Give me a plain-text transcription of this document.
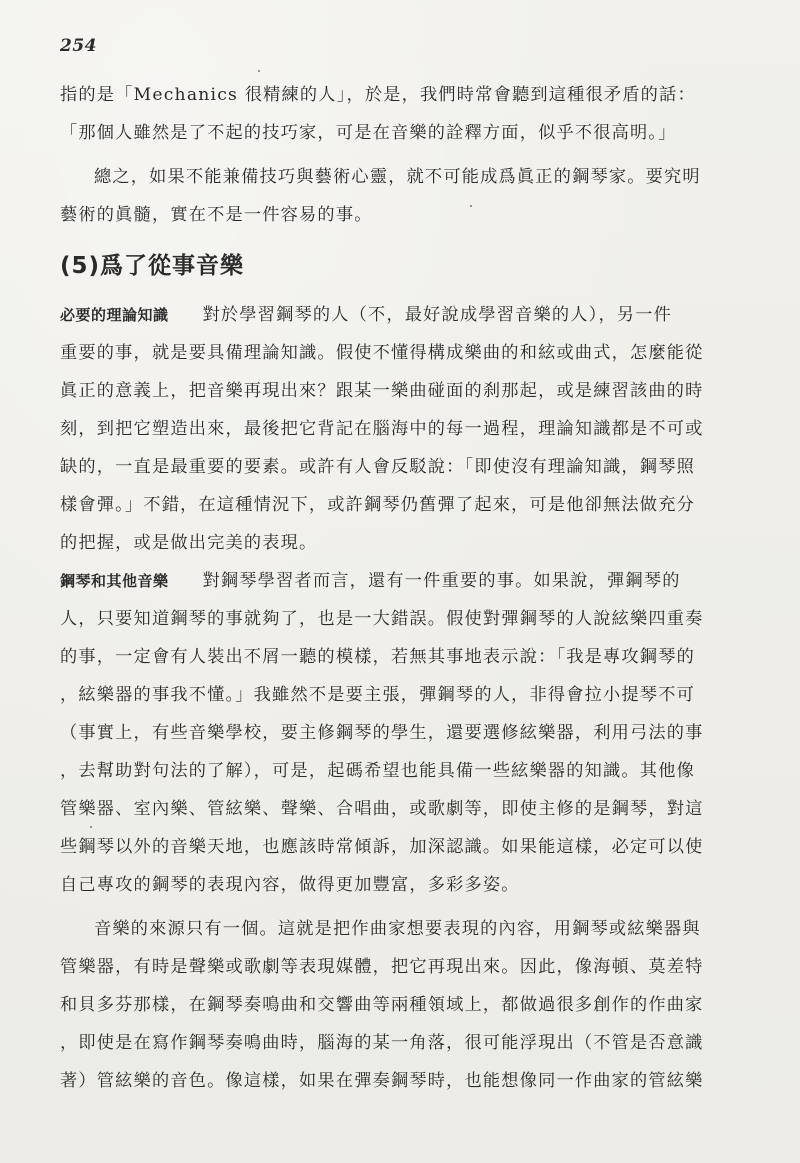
254
指的是「Mechanics 很精練的人」，於是，我們時常會聽到這種很矛盾的話：
「那個人雖然是了不起的技巧家，可是在音樂的詮釋方面，似乎不很高明。」
總之，如果不能兼備技巧與藝術心靈，就不可能成爲眞正的鋼琴家。要究明
藝術的眞髓，實在不是一件容易的事。
(5)爲了從事音樂
必要的理論知識 對於學習鋼琴的人（不，最好說成學習音樂的人），另一件
重要的事，就是要具備理論知識。假使不懂得構成樂曲的和絃或曲式，怎麼能從
眞正的意義上，把音樂再現出來？跟某一樂曲碰面的刹那起，或是練習該曲的時
刻，到把它塑造出來，最後把它背記在腦海中的每一過程，理論知識都是不可或
缺的，一直是最重要的要素。或許有人會反駁說：「即使沒有理論知識，鋼琴照
樣會彈。」不錯，在這種情況下，或許鋼琴仍舊彈了起來，可是他卻無法做充分
的把握，或是做出完美的表現。
鋼琴和其他音樂 對鋼琴學習者而言，還有一件重要的事。如果說，彈鋼琴的
人，只要知道鋼琴的事就夠了，也是一大錯誤。假使對彈鋼琴的人說絃樂四重奏
的事，一定會有人裝出不屑一聽的模樣，若無其事地表示說：「我是專攻鋼琴的
，絃樂器的事我不懂。」我雖然不是要主張，彈鋼琴的人，非得會拉小提琴不可
（事實上，有些音樂學校，要主修鋼琴的學生，還要選修絃樂器，利用弓法的事
，去幫助對句法的了解），可是，起碼希望也能具備一些絃樂器的知識。其他像
管樂器、室內樂、管絃樂、聲樂、合唱曲，或歌劇等，即使主修的是鋼琴，對這
些鋼琴以外的音樂天地，也應該時常傾訴，加深認識。如果能這樣，必定可以使
自己專攻的鋼琴的表現內容，做得更加豐富，多彩多姿。
音樂的來源只有一個。這就是把作曲家想要表現的內容，用鋼琴或絃樂器與
管樂器，有時是聲樂或歌劇等表現媒體，把它再現出來。因此，像海頓、莫差特
和貝多芬那樣，在鋼琴奏鳴曲和交響曲等兩種領域上，都做過很多創作的作曲家
，即使是在寫作鋼琴奏鳴曲時，腦海的某一角落，很可能浮現出（不管是否意識
著）管絃樂的音色。像這樣，如果在彈奏鋼琴時，也能想像同一作曲家的管絃樂
